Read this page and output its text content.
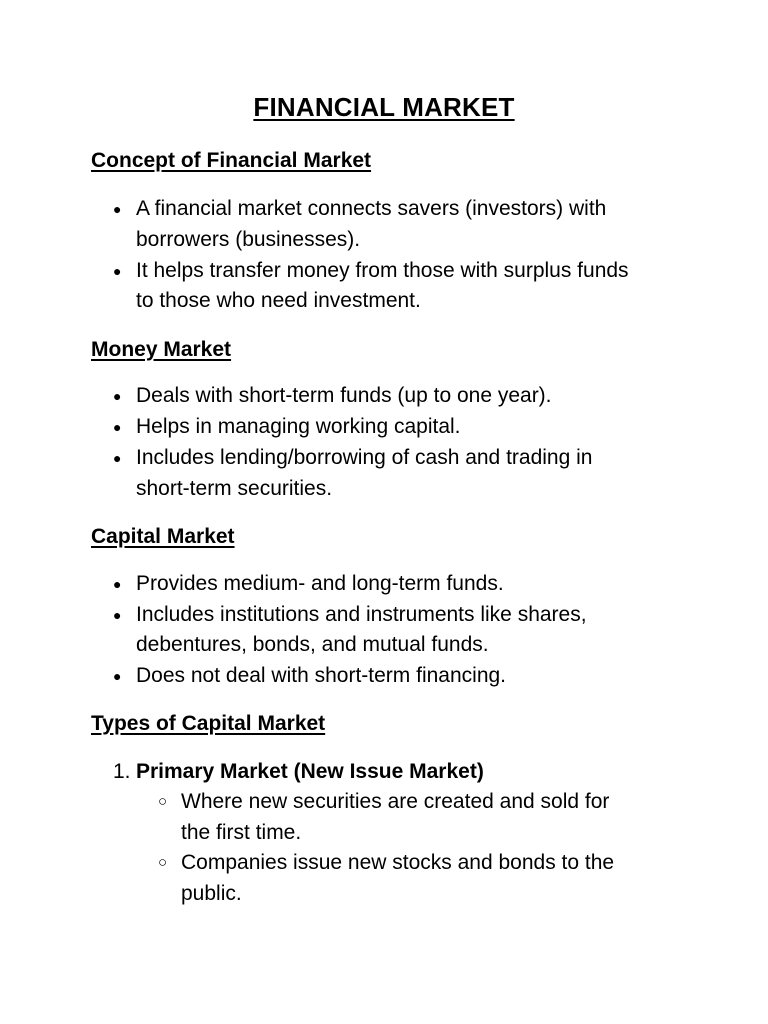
FINANCIAL MARKET
Concept of Financial Market
● A financial market connects savers (investors) with
borrowers (businesses).
● It helps transfer money from those with surplus funds
to those who need investment.
Money Market
● Deals with short-term funds (up to one year).
● Helps in managing working capital.
● Includes lending/borrowing of cash and trading in
short-term securities.
Capital Market
● Provides medium- and long-term funds.
● Includes institutions and instruments like shares,
debentures, bonds, and mutual funds.
● Does not deal with short-term financing.
Types of Capital Market
1. Primary Market (New Issue Market)
○ Where new securities are created and sold for
the first time.
○ Companies issue new stocks and bonds to the
public.
